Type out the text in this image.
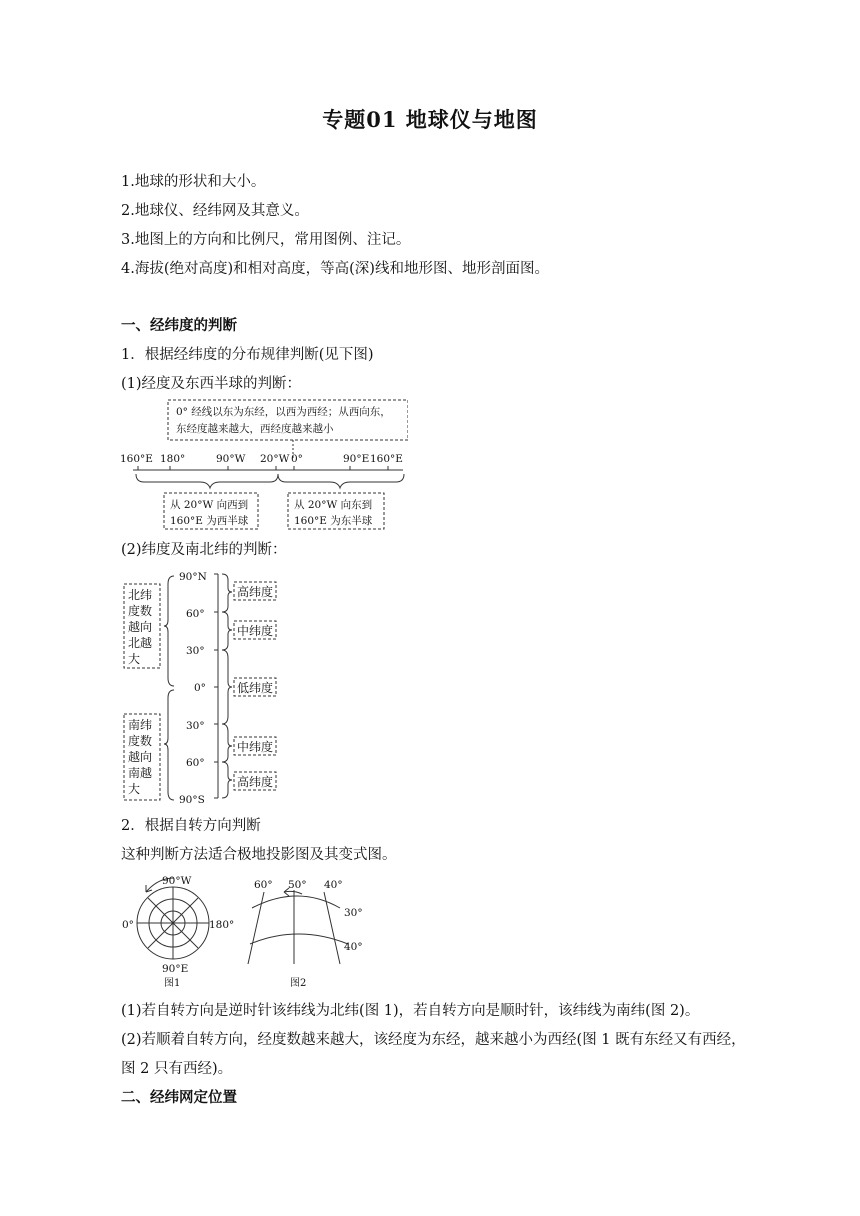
专题01 地球仪与地图
1.地球的形状和大小。
2.地球仪、经纬网及其意义。
3.地图上的方向和比例尺，常用图例、注记。
4.海拔(绝对高度)和相对高度，等高(深)线和地形图、地形剖面图。
一、经纬度的判断
1．根据经纬度的分布规律判断(见下图)
(1)经度及东西半球的判断：
0° 经线以东为东经，以西为西经；从西向东，
东经度越来越大，西经度越来越小
160°E 180°	90°W 20°W 0°	90°E 160°E
从 20°W 向西到
160°E 为西半球
从 20°W 向东到
160°E 为东半球
(2)纬度及南北纬的判断：
北纬
度数
越向
北越
大
南纬
度数
越向
南越
大
90°N
60°
30°
0°
30°
60°
90°S
高纬度
中纬度
低纬度
中纬度
高纬度
2．根据自转方向判断
这种判断方法适合极地投影图及其变式图。
90°W
0°	180°
90°E
图1
60° 50° 40°
30°
40°
图2
(1)若自转方向是逆时针该纬线为北纬(图 1)，若自转方向是顺时针，该纬线为南纬(图 2)。
(2)若顺着自转方向，经度数越来越大，该经度为东经，越来越小为西经(图 1 既有东经又有西经，图 2 只有西经)。
二、经纬网定位置
